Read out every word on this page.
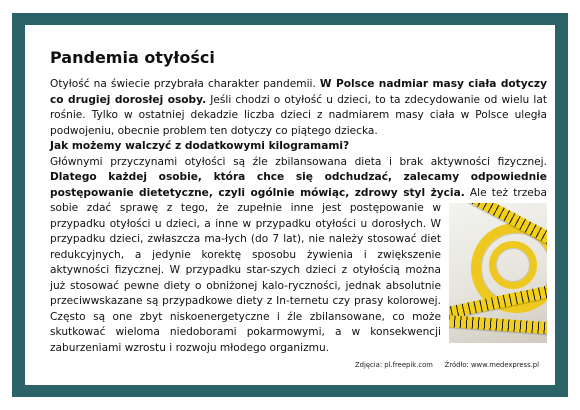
Pandemia otyłości

Otyłość na świecie przybrała charakter pandemii. W Polsce nadmiar masy ciała dotyczy co drugiej dorosłej osoby. Jeśli chodzi o otyłość u dzieci, to ta zdecydowanie od wielu lat rośnie. Tylko w ostatniej dekadzie liczba dzieci z nadmiarem masy ciała w Polsce uległa podwojeniu, obecnie problem ten dotyczy co piątego dziecka.

Jak możemy walczyć z dodatkowymi kilogramami?

Głównymi przyczynami otyłości są źle zbilansowana dieta i brak aktywności fizycznej. Dlatego każdej osobie, która chce się odchudzać, zalecamy odpowiednie postępowanie dietetyczne, czyli ogólnie mówiąc, zdrowy styl życia.
Ale też trzeba sobie zdać sprawę z tego, że zupełnie inne jest postępowanie w przypadku otyłości u dzieci, a inne w przypadku otyłości u dorosłych. W przypadku dzieci, zwłaszcza ma-łych (do 7 lat), nie należy stosować diet redukcyjnych, a jedynie korektę sposobu żywienia i zwiększenie aktywności fizycznej. W przypadku star-szych dzieci z otyłością można już stosować pewne diety o obniżonej kalo-ryczności, jednak absolutnie przeciwwskazane są przypadkowe diety z In-ternetu czy prasy kolorowej. Często są one zbyt niskoenergetyczne i źle zbilansowane, co może skutkować wieloma niedoborami pokarmowymi, a w konsekwencji zaburzeniami wzrostu i rozwoju młodego organizmu.

Zdjęcia: pl.freepik.com Źródło: www.medexpress.pl
